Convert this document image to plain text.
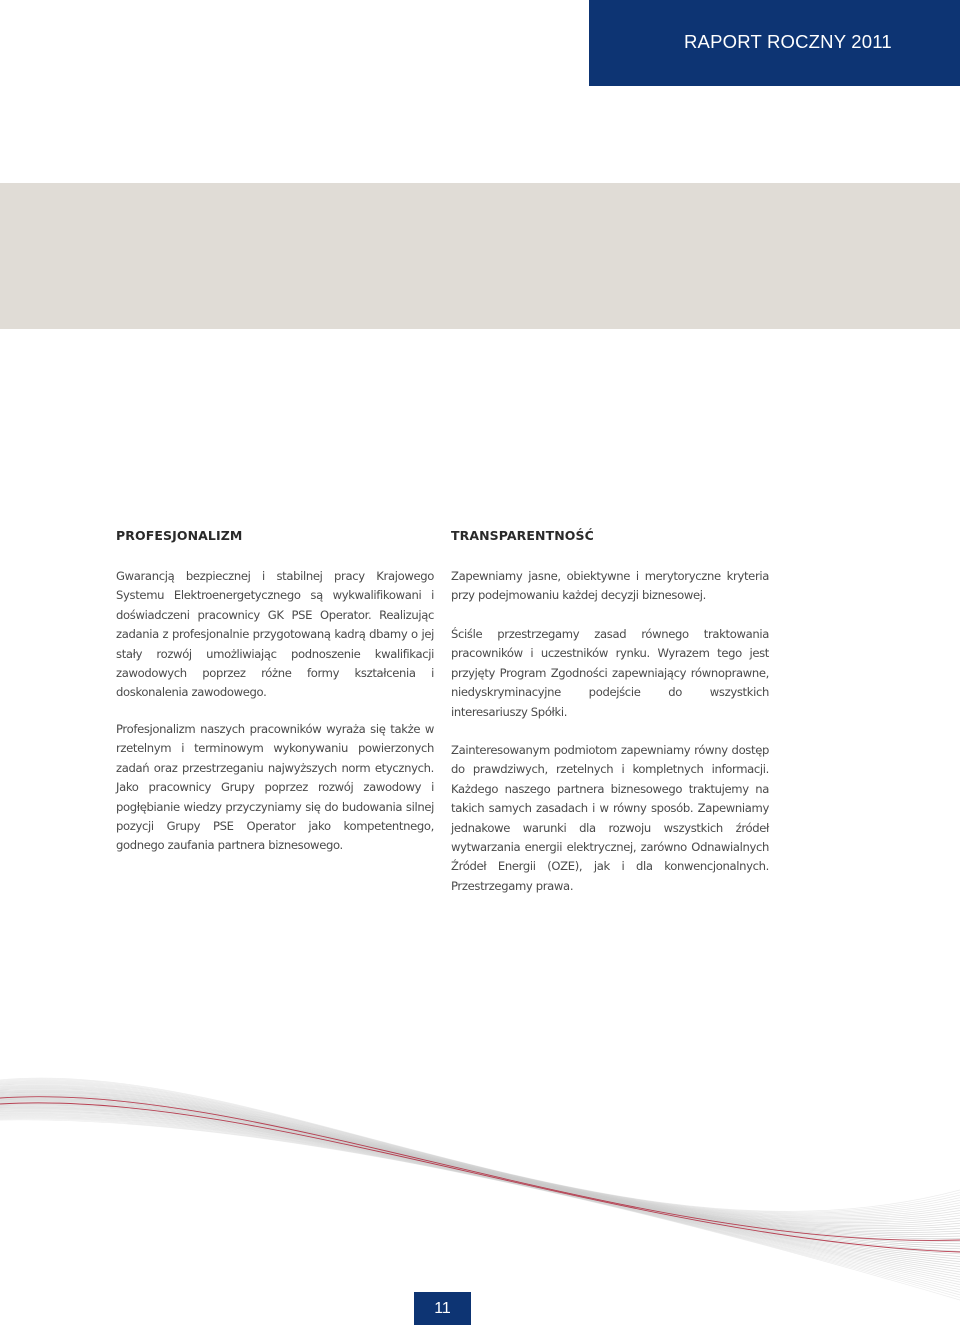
RAPORT ROCZNY 2011
PROFESJONALIZM

Gwarancją bezpiecznej i stabilnej pracy Krajowego Systemu Elektroenergetycznego są wykwalifikowani i doświadczeni pracownicy GK PSE Operator. Realizując zadania z profesjonalnie przygotowaną kadrą dbamy o jej stały rozwój umożliwiając podnoszenie kwalifikacji zawodowych poprzez różne formy kształcenia i doskonalenia zawodowego.

Profesjonalizm naszych pracowników wyraża się także w rzetelnym i terminowym wykonywaniu powierzonych zadań oraz przestrzeganiu najwyższych norm etycznych. Jako pracownicy Grupy poprzez rozwój zawodowy i pogłębianie wiedzy przyczyniamy się do budowania silnej pozycji Grupy PSE Operator jako kompetentnego, godnego zaufania partnera biznesowego.

TRANSPARENTNOŚĆ

Zapewniamy jasne, obiektywne i merytoryczne kryteria przy podejmowaniu każdej decyzji biznesowej.

Ściśle przestrzegamy zasad równego traktowania pracowników i uczestników rynku. Wyrazem tego jest przyjęty Program Zgodności zapewniający równoprawne, niedyskryminacyjne podejście do wszystkich interesariuszy Spółki.

Zainteresowanym podmiotom zapewniamy równy dostęp do prawdziwych, rzetelnych i kompletnych informacji. Każdego naszego partnera biznesowego traktujemy na takich samych zasadach i w równy sposób. Zapewniamy jednakowe warunki dla rozwoju wszystkich źródeł wytwarzania energii elektrycznej, zarówno Odnawialnych Źródeł Energii (OZE), jak i dla konwencjonalnych. Przestrzegamy prawa.

11
